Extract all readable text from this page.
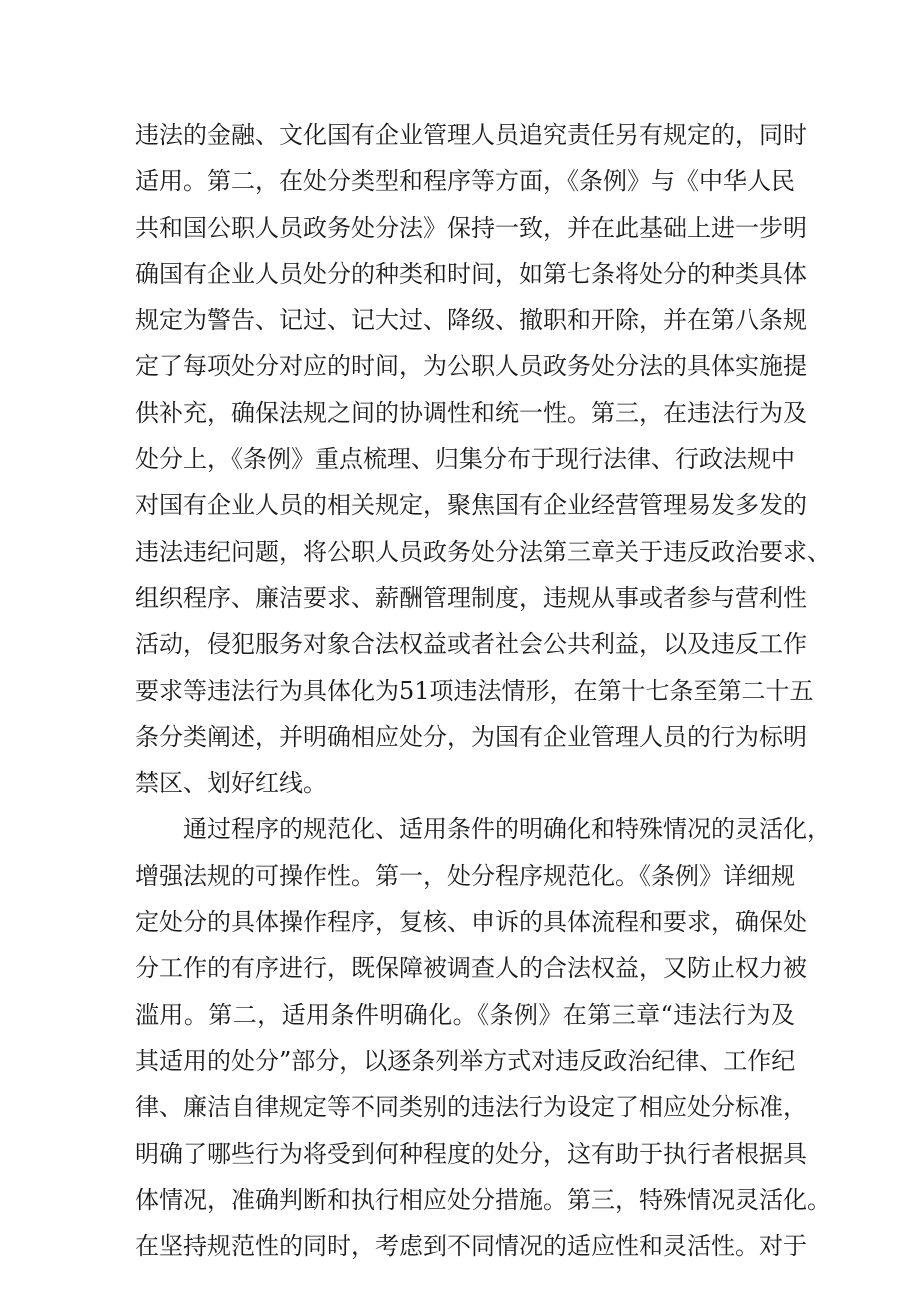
违法的金融、文化国有企业管理人员追究责任另有规定的，同时
适用。第二，在处分类型和程序等方面，《条例》与《中华人民
共和国公职人员政务处分法》保持一致，并在此基础上进一步明
确国有企业人员处分的种类和时间，如第七条将处分的种类具体
规定为警告、记过、记大过、降级、撤职和开除，并在第八条规
定了每项处分对应的时间，为公职人员政务处分法的具体实施提
供补充，确保法规之间的协调性和统一性。第三，在违法行为及
处分上，《条例》重点梳理、归集分布于现行法律、行政法规中
对国有企业人员的相关规定，聚焦国有企业经营管理易发多发的
违法违纪问题，将公职人员政务处分法第三章关于违反政治要求、
组织程序、廉洁要求、薪酬管理制度，违规从事或者参与营利性
活动，侵犯服务对象合法权益或者社会公共利益，以及违反工作
要求等违法行为具体化为51项违法情形，在第十七条至第二十五
条分类阐述，并明确相应处分，为国有企业管理人员的行为标明
禁区、划好红线。
通过程序的规范化、适用条件的明确化和特殊情况的灵活化，
增强法规的可操作性。第一，处分程序规范化。《条例》详细规
定处分的具体操作程序，复核、申诉的具体流程和要求，确保处
分工作的有序进行，既保障被调查人的合法权益，又防止权力被
滥用。第二，适用条件明确化。《条例》在第三章“违法行为及
其适用的处分”部分，以逐条列举方式对违反政治纪律、工作纪
律、廉洁自律规定等不同类别的违法行为设定了相应处分标准，
明确了哪些行为将受到何种程度的处分，这有助于执行者根据具
体情况，准确判断和执行相应处分措施。第三，特殊情况灵活化。
在坚持规范性的同时，考虑到不同情况的适应性和灵活性。对于
